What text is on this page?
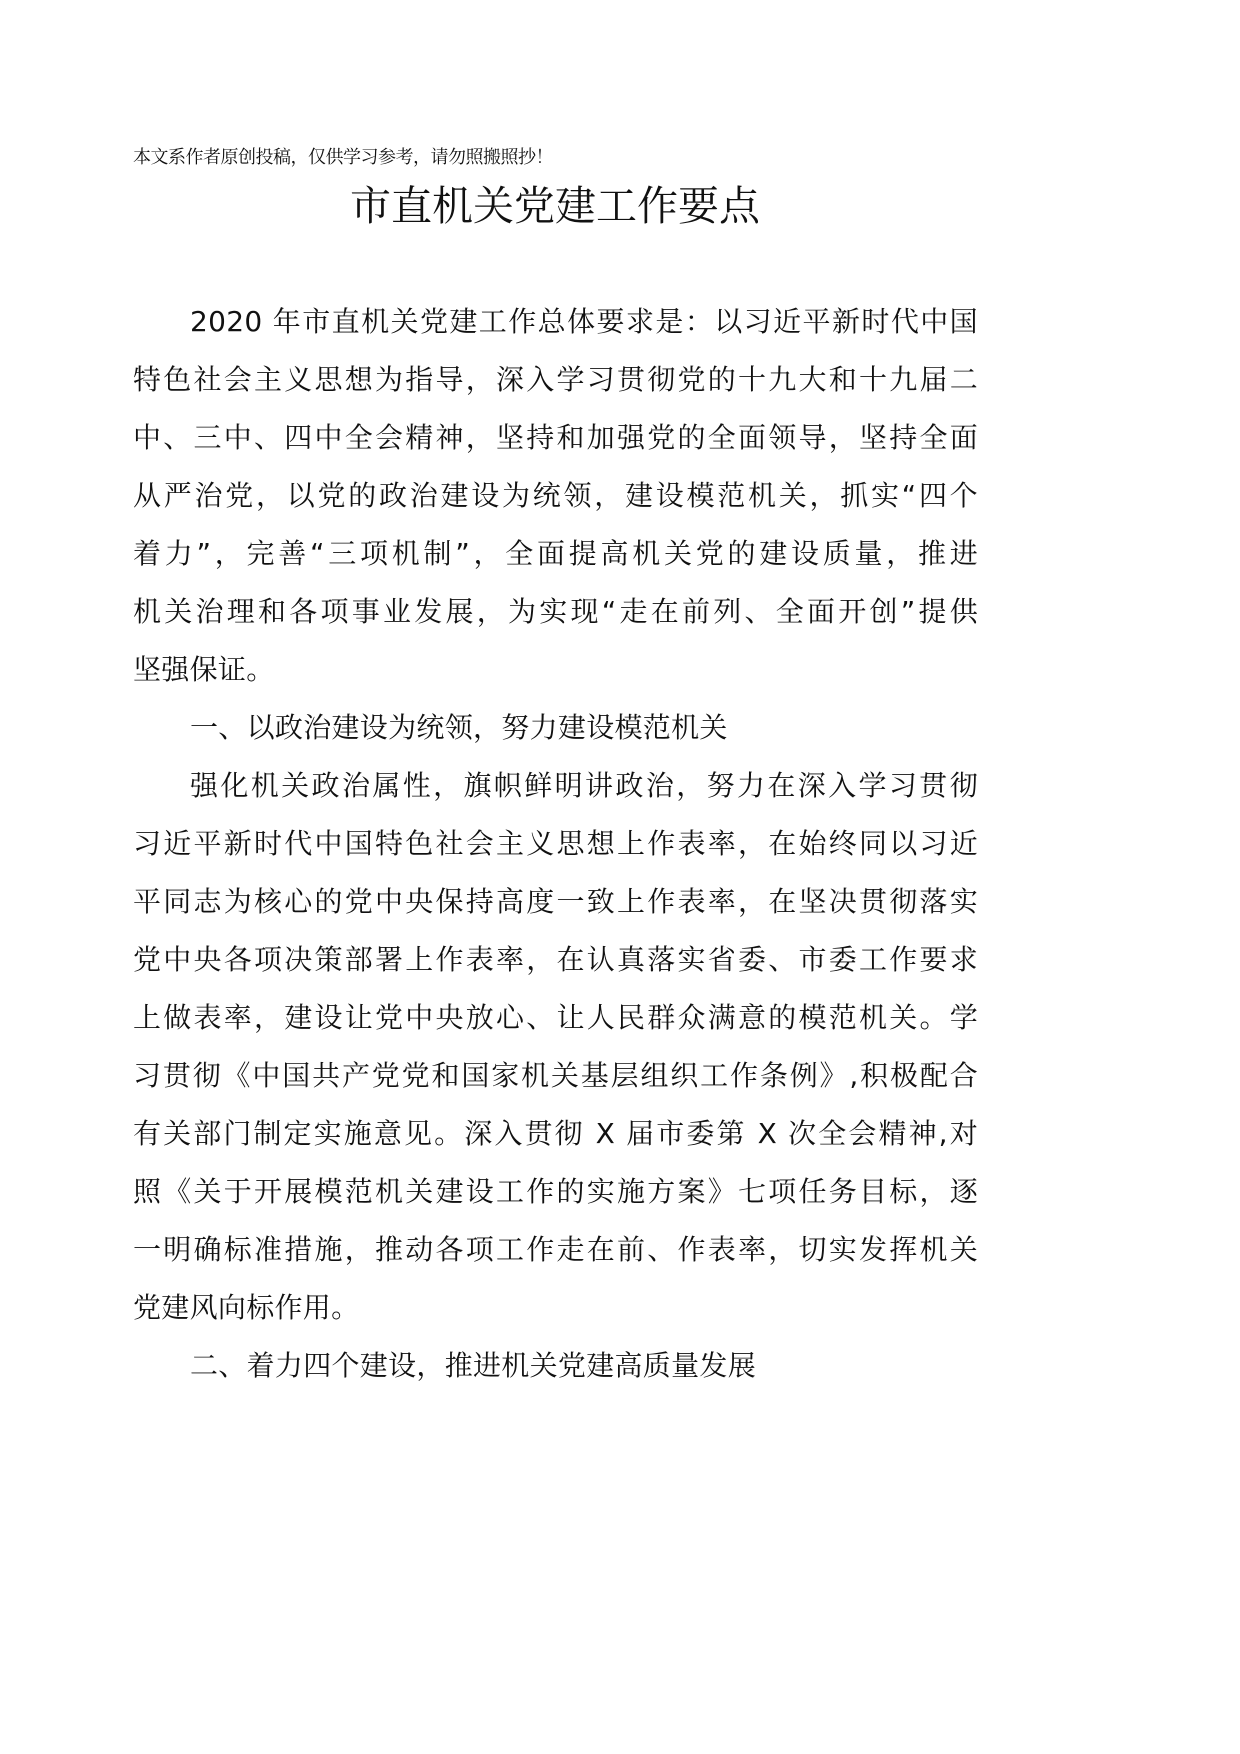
本文系作者原创投稿，仅供学习参考，请勿照搬照抄！
市直机关党建工作要点
2020 年市直机关党建工作总体要求是：以习近平新时代中国
特色社会主义思想为指导，深入学习贯彻党的十九大和十九届二
中、三中、四中全会精神，坚持和加强党的全面领导，坚持全面
从严治党，以党的政治建设为统领，建设模范机关，抓实“四个
着力”，完善“三项机制”，全面提高机关党的建设质量，推进
机关治理和各项事业发展，为实现“走在前列、全面开创”提供
坚强保证。
一、以政治建设为统领，努力建设模范机关
强化机关政治属性，旗帜鲜明讲政治，努力在深入学习贯彻
习近平新时代中国特色社会主义思想上作表率，在始终同以习近
平同志为核心的党中央保持高度一致上作表率，在坚决贯彻落实
党中央各项决策部署上作表率，在认真落实省委、市委工作要求
上做表率，建设让党中央放心、让人民群众满意的模范机关。学
习贯彻《中国共产党党和国家机关基层组织工作条例》,积极配合
有关部门制定实施意见。深入贯彻 X 届市委第 X 次全会精神,对
照《关于开展模范机关建设工作的实施方案》七项任务目标，逐
一明确标准措施，推动各项工作走在前、作表率，切实发挥机关
党建风向标作用。
二、着力四个建设，推进机关党建高质量发展
